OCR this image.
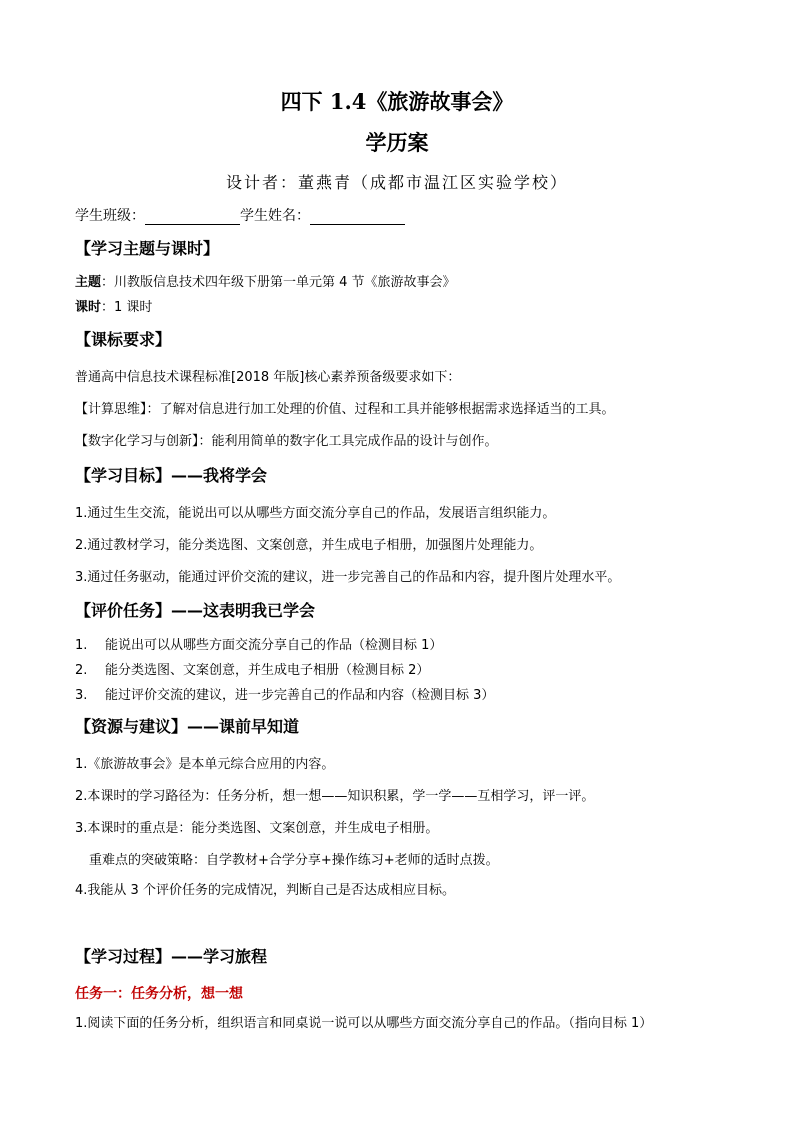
四下 1.4《旅游故事会》
学历案
设计者：董燕青（成都市温江区实验学校）
学生班级：	学生姓名：
【学习主题与课时】
主题：川教版信息技术四年级下册第一单元第 4 节《旅游故事会》
课时：1 课时
【课标要求】
普通高中信息技术课程标准[2018 年版]核心素养预备级要求如下：
【计算思维】：了解对信息进行加工处理的价值、过程和工具并能够根据需求选择适当的工具。
【数字化学习与创新】：能利用简单的数字化工具完成作品的设计与创作。
【学习目标】——我将学会
1.通过生生交流，能说出可以从哪些方面交流分享自己的作品，发展语言组织能力。
2.通过教材学习，能分类选图、文案创意，并生成电子相册，加强图片处理能力。
3.通过任务驱动，能通过评价交流的建议，进一步完善自己的作品和内容，提升图片处理水平。
【评价任务】——这表明我已学会
1. 能说出可以从哪些方面交流分享自己的作品（检测目标 1）
2. 能分类选图、文案创意，并生成电子相册（检测目标 2）
3. 能过评价交流的建议，进一步完善自己的作品和内容（检测目标 3）
【资源与建议】——课前早知道
1.《旅游故事会》是本单元综合应用的内容。
2.本课时的学习路径为：任务分析，想一想——知识积累，学一学——互相学习，评一评。
3.本课时的重点是：能分类选图、文案创意，并生成电子相册。
重难点的突破策略：自学教材+合学分享+操作练习+老师的适时点拨。
4.我能从 3 个评价任务的完成情况，判断自己是否达成相应目标。
【学习过程】——学习旅程
任务一：任务分析，想一想
1.阅读下面的任务分析，组织语言和同桌说一说可以从哪些方面交流分享自己的作品。（指向目标 1）
